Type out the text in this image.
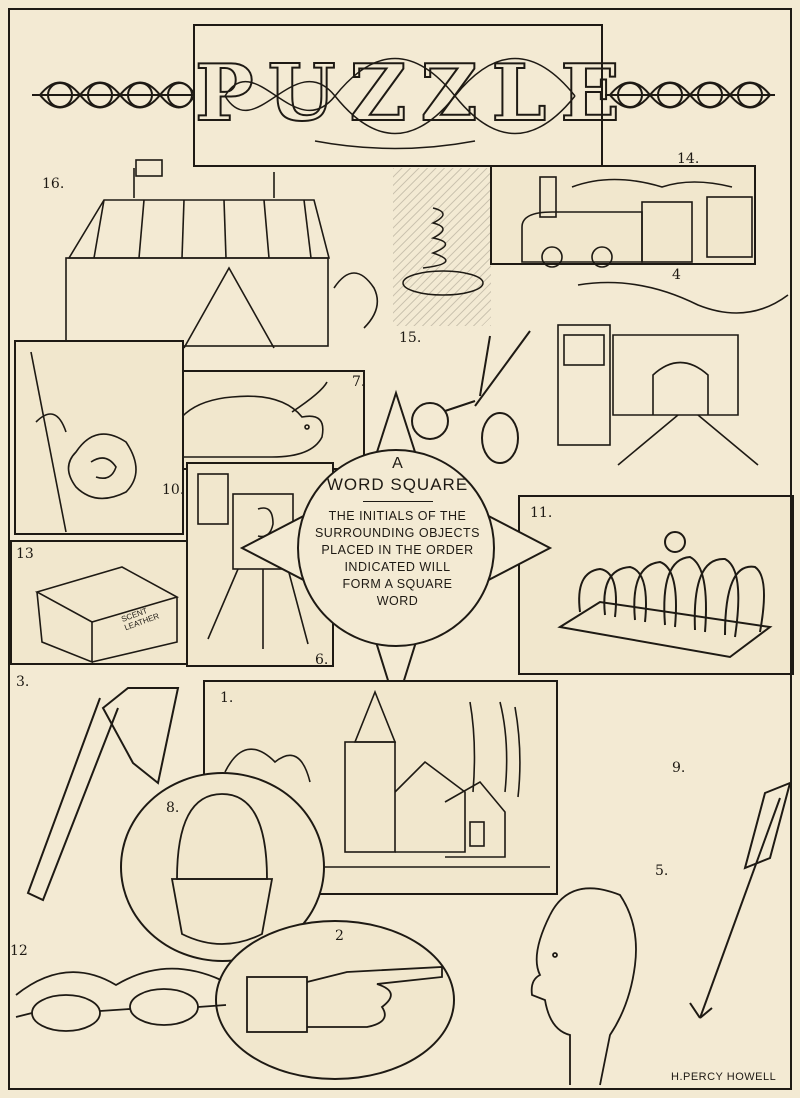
PUZZLE
16.
14.
4
7.
10.
15.
13
SCENT LEATHER
6.
11.
A
WORD SQUARE
THE INITIALS OF THE
SURROUNDING OBJECTS
PLACED IN THE ORDER
INDICATED WILL
FORM A SQUARE
WORD
3.
1.
8.
9.
5.
2
12
H.PERCY HOWELL
